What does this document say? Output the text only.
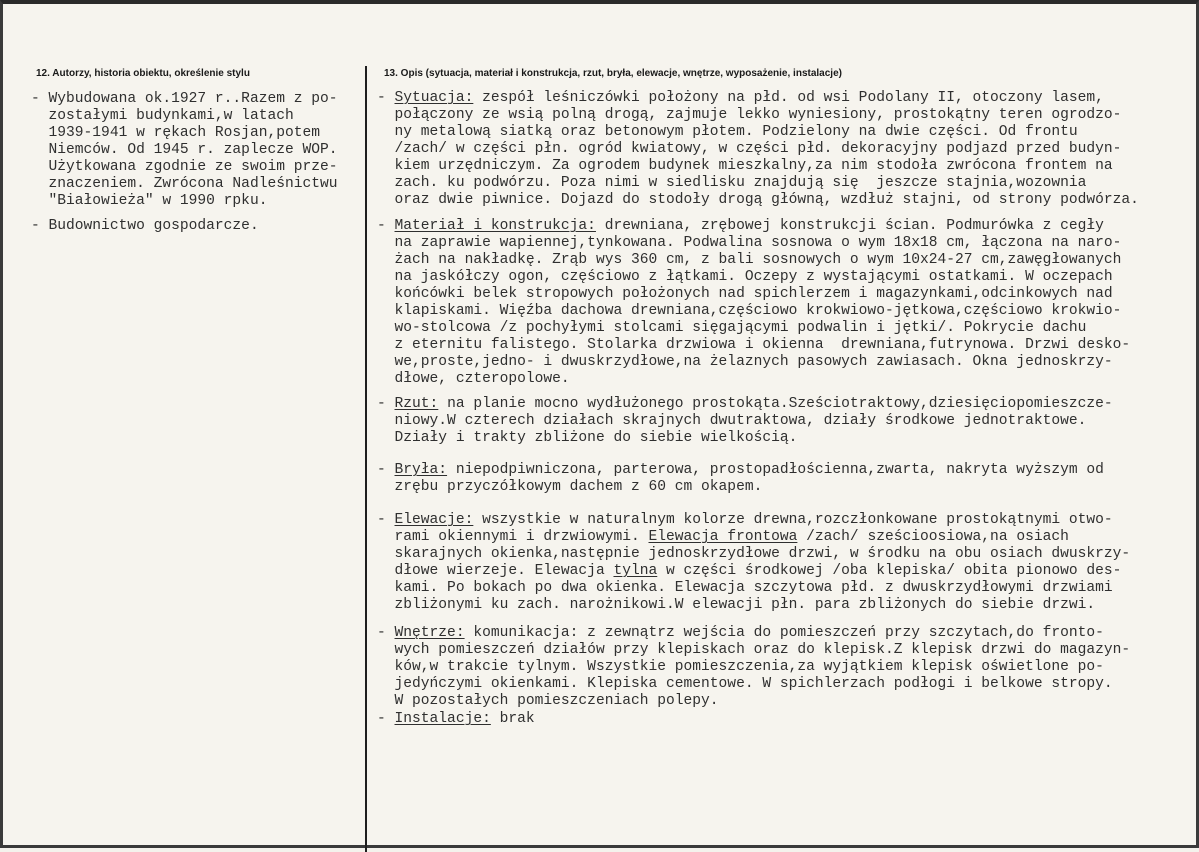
12. Autorzy, historia obiektu, określenie stylu	13. Opis (sytuacja, materiał i konstrukcja, rzut, bryła, elewacje, wnętrze, wyposażenie, instalacje)
- Wybudowana ok.1927 r..Razem z po-
zostałymi budynkami,w latach
1939-1941 w rękach Rosjan,potem
Niemców. Od 1945 r. zaplecze WOP.
Użytkowana zgodnie ze swoim prze-
znaczeniem. Zwrócona Nadleśnictwu
"Białowieża" w 1990 rpku.
- Budownictwo gospodarcze.
- Sytuacja: zespół leśniczówki położony na płd. od wsi Podolany II, otoczony lasem,
połączony ze wsią polną drogą, zajmuje lekko wyniesiony, prostokątny teren ogrodzo-
ny metalową siatką oraz betonowym płotem. Podzielony na dwie części. Od frontu
/zach/ w części płn. ogród kwiatowy, w części płd. dekoracyjny podjazd przed budyn-
kiem urzędniczym. Za ogrodem budynek mieszkalny,za nim stodoła zwrócona frontem na
zach. ku podwórzu. Poza nimi w siedlisku znajdują się  jeszcze stajnia,wozownia
oraz dwie piwnice. Dojazd do stodoły drogą główną, wzdłuż stajni, od strony podwórza.
- Materiał i konstrukcja: drewniana, zrębowej konstrukcji ścian. Podmurówka z cegły
na zaprawie wapiennej,tynkowana. Podwalina sosnowa o wym 18x18 cm, łączona na naro-
żach na nakładkę. Zrąb wys 360 cm, z bali sosnowych o wym 10x24-27 cm,zawęgłowanych
na jaskółczy ogon, częściowo z łątkami. Oczepy z wystającymi ostatkami. W oczepach
końcówki belek stropowych położonych nad spichlerzem i magazynkami,odcinkowych nad
klapiskami. Więźba dachowa drewniana,częściowo krokwiowo-jętkowa,częściowo krokwio-
wo-stolcowa /z pochyłymi stolcami sięgającymi podwalin i jętki/. Pokrycie dachu
z eternitu falistego. Stolarka drzwiowa i okienna  drewniana,futrynowa. Drzwi desko-
we,proste,jedno- i dwuskrzydłowe,na żelaznych pasowych zawiasach. Okna jednoskrzy-
dłowe, czteropolowe.
- Rzut: na planie mocno wydłużonego prostokąta.Sześciotraktowy,dziesięciopomieszcze-
niowy.W czterech działach skrajnych dwutraktowa, działy środkowe jednotraktowe.
Działy i trakty zbliżone do siebie wielkością.
- Bryła: niepodpiwniczona, parterowa, prostopadłościenna,zwarta, nakryta wyższym od
zrębu przyczółkowym dachem z 60 cm okapem.
- Elewacje: wszystkie w naturalnym kolorze drewna,rozczłonkowane prostokątnymi otwo-
rami okiennymi i drzwiowymi. Elewacja frontowa /zach/ sześcioosiowa,na osiach
skarajnych okienka,następnie jednoskrzydłowe drzwi, w środku na obu osiach dwuskrzy-
dłowe wierzeje. Elewacja tylna w części środkowej /oba klepiska/ obita pionowo des-
kami. Po bokach po dwa okienka. Elewacja szczytowa płd. z dwuskrzydłowymi drzwiami
zbliżonymi ku zach. narożnikowi.W elewacji płn. para zbliżonych do siebie drzwi.
- Wnętrze: komunikacja: z zewnątrz wejścia do pomieszczeń przy szczytach,do fronto-
wych pomieszczeń działów przy klepiskach oraz do klepisk.Z klepisk drzwi do magazyn-
ków,w trakcie tylnym. Wszystkie pomieszczenia,za wyjątkiem klepisk oświetlone po-
jedyńczymi okienkami. Klepiska cementowe. W spichlerzach podłogi i belkowe stropy.
W pozostałych pomieszczeniach polepy.
- Instalacje: brak
